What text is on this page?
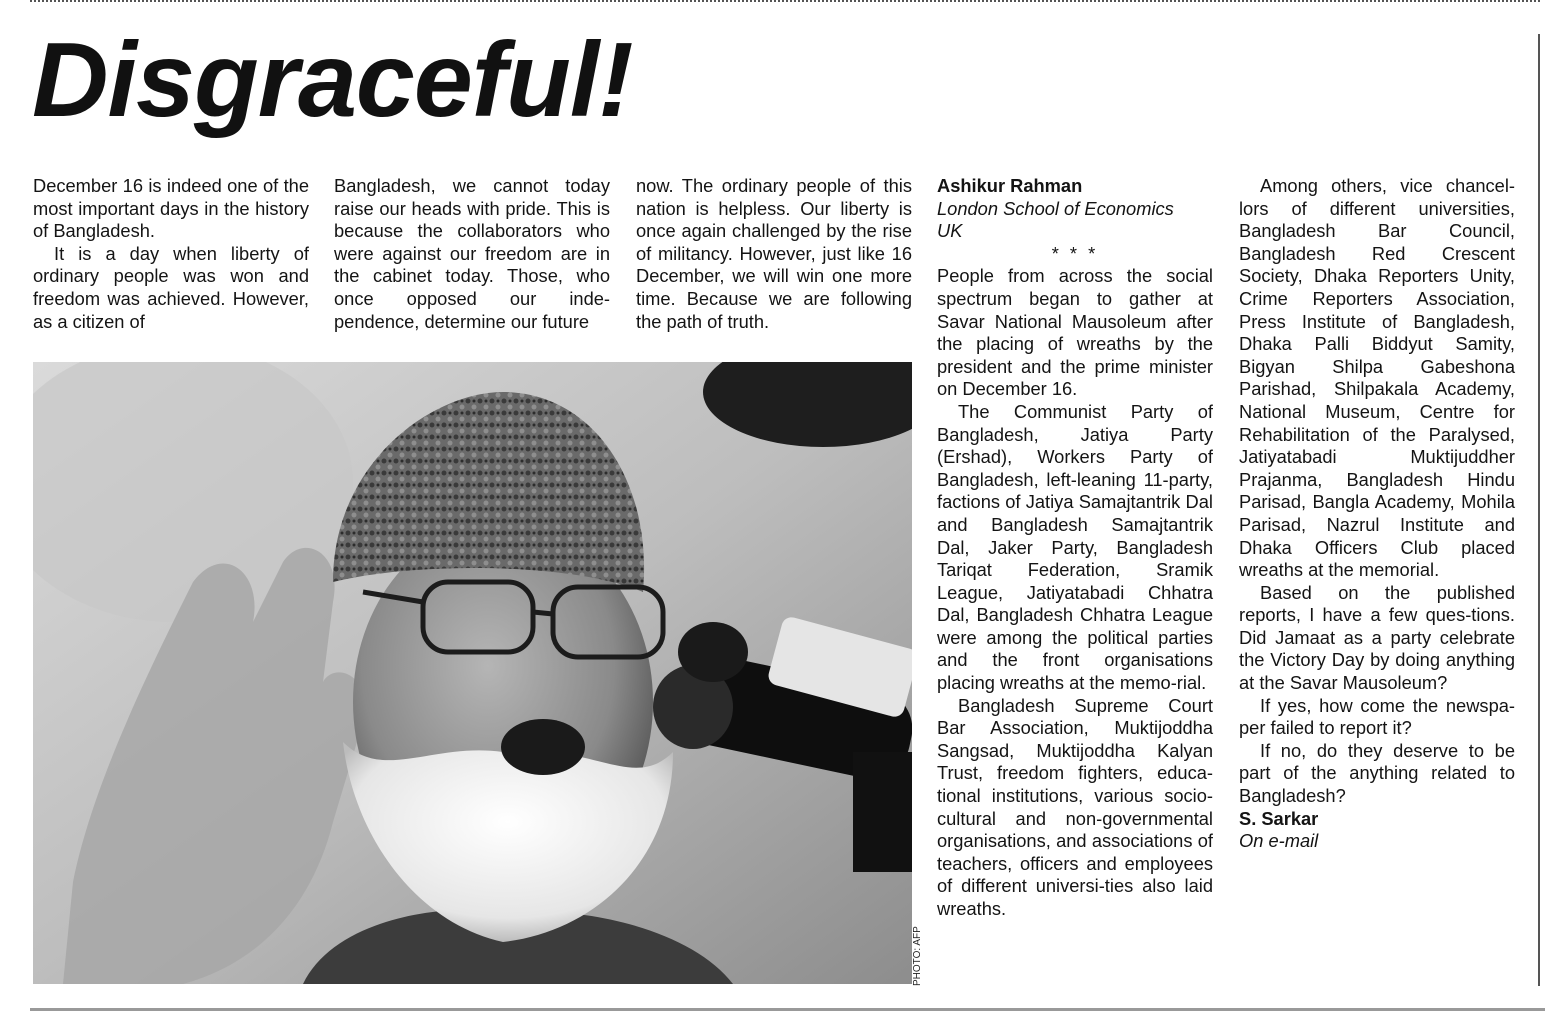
Disgraceful!

December 16 is indeed one of the most important days in the history of Bangladesh.

It is a day when liberty of ordinary people was won and freedom was achieved. However, as a citizen of

Bangladesh, we cannot today raise our heads with pride. This is because the collaborators who were against our freedom are in the cabinet today. Those, who once opposed our inde-pendence, determine our future

now. The ordinary people of this nation is helpless. Our liberty is once again challenged by the rise of militancy. However, just like 16 December, we will win one more time. Because we are following the path of truth.

Ashikur Rahman

London School of Economics

UK

* * *

People from across the social spectrum began to gather at Savar National Mausoleum after the placing of wreaths by the president and the prime minister on December 16.

The Communist Party of Bangladesh, Jatiya Party (Ershad), Workers Party of Bangladesh, left-leaning 11-party, factions of Jatiya Samajtantrik Dal and Bangladesh Samajtantrik Dal, Jaker Party, Bangladesh Tariqat Federation, Sramik League, Jatiyatabadi Chhatra Dal, Bangladesh Chhatra League were among the political parties and the front organisations placing wreaths at the memo-rial.

Bangladesh Supreme Court Bar Association, Muktijoddha Sangsad, Muktijoddha Kalyan Trust, freedom fighters, educa-tional institutions, various socio-cultural and non-governmental organisations, and associations of teachers, officers and employees of different universi-ties also laid wreaths.

Among others, vice chancel-lors of different universities, Bangladesh Bar Council, Bangladesh Red Crescent Society, Dhaka Reporters Unity, Crime Reporters Association, Press Institute of Bangladesh, Dhaka Palli Biddyut Samity, Bigyan Shilpa Gabeshona Parishad, Shilpakala Academy, National Museum, Centre for Rehabilitation of the Paralysed, Jatiyatabadi Muktijuddher Prajanma, Bangladesh Hindu Parisad, Bangla Academy, Mohila Parisad, Nazrul Institute and Dhaka Officers Club placed wreaths at the memorial.

Based on the published reports, I have a few ques-tions. Did Jamaat as a party celebrate the Victory Day by doing anything at the Savar Mausoleum?

If yes, how come the newspa-per failed to report it?

If no, do they deserve to be part of the anything related to Bangladesh?

S. Sarkar

On e-mail

PHOTO: AFP
